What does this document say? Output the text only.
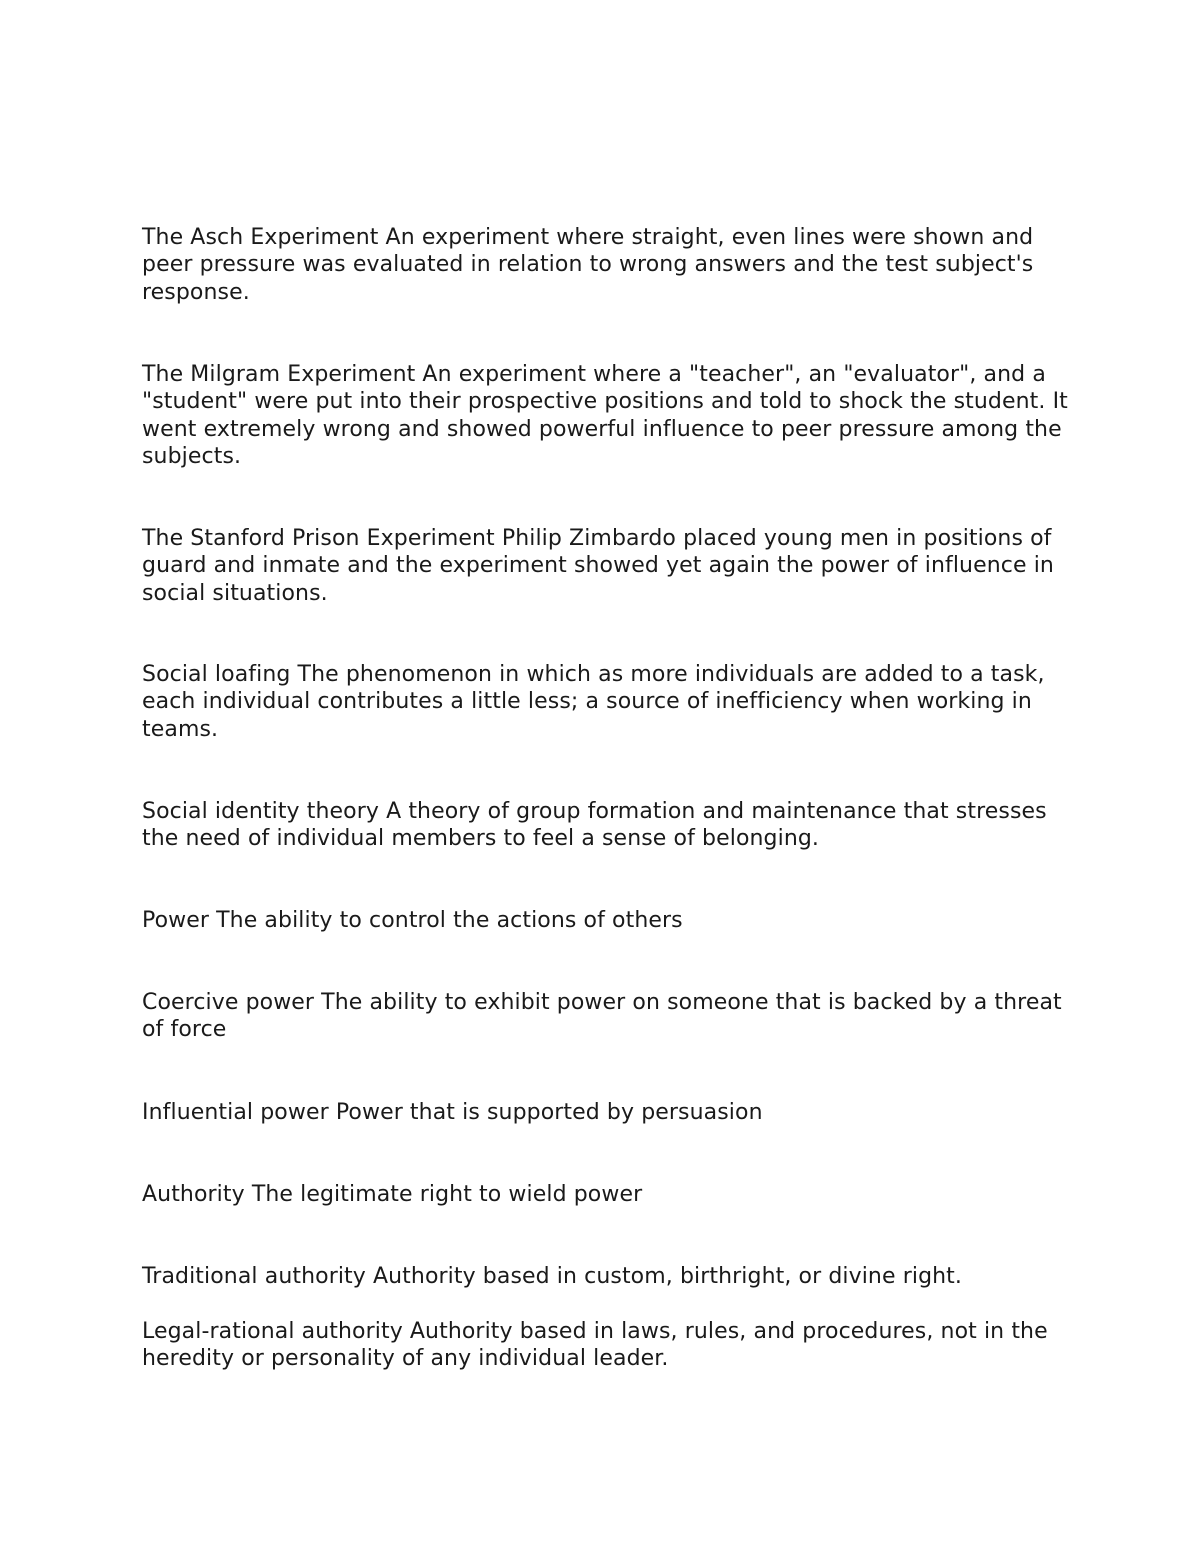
The Asch Experiment An experiment where straight, even lines were shown and peer pressure was evaluated in relation to wrong answers and the test subject's response.

The Milgram Experiment An experiment where a "teacher", an "evaluator", and a "student" were put into their prospective positions and told to shock the student. It went extremely wrong and showed powerful influence to peer pressure among the subjects.

The Stanford Prison Experiment Philip Zimbardo placed young men in positions of guard and inmate and the experiment showed yet again the power of influence in social situations.

Social loafing The phenomenon in which as more individuals are added to a task, each individual contributes a little less; a source of inefficiency when working in teams.

Social identity theory A theory of group formation and maintenance that stresses the need of individual members to feel a sense of belonging.

Power The ability to control the actions of others

Coercive power The ability to exhibit power on someone that is backed by a threat of force

Influential power Power that is supported by persuasion

Authority The legitimate right to wield power

Traditional authority Authority based in custom, birthright, or divine right.

Legal-rational authority Authority based in laws, rules, and procedures, not in the heredity or personality of any individual leader.
